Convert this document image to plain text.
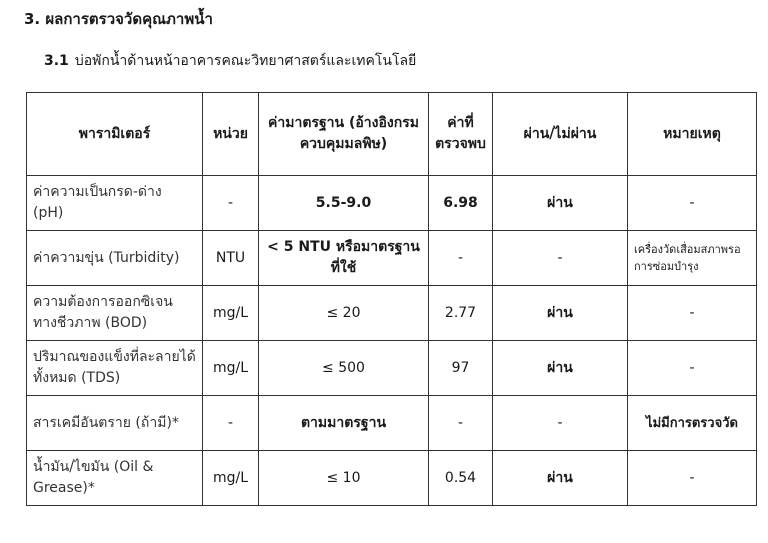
3. ผลการตรวจวัดคุณภาพน้ำ
3.1 บ่อพักน้ำด้านหน้าอาคารคณะวิทยาศาสตร์และเทคโนโลยี
พารามิเตอร์	หน่วย	ค่ามาตรฐาน (อ้างอิงกรมควบคุมมลพิษ)	ค่าที่ตรวจพบ	ผ่าน/ไม่ผ่าน	หมายเหตุ
ค่าความเป็นกรด-ด่าง (pH)	-	5.5-9.0	6.98	ผ่าน	-
ค่าความขุ่น (Turbidity)	NTU	< 5 NTU หรือมาตรฐานที่ใช้	-	-	เครื่องวัดเสื่อมสภาพรอการซ่อมบำรุง
ความต้องการออกซิเจนทางชีวภาพ (BOD)	mg/L	≤ 20	2.77	ผ่าน	-
ปริมาณของแข็งที่ละลายได้ทั้งหมด (TDS)	mg/L	≤ 500	97	ผ่าน	-
สารเคมีอันตราย (ถ้ามี)*	-	ตามมาตรฐาน	-	-	ไม่มีการตรวจวัด
น้ำมัน/ไขมัน (Oil & Grease)*	mg/L	≤ 10	0.54	ผ่าน	-
